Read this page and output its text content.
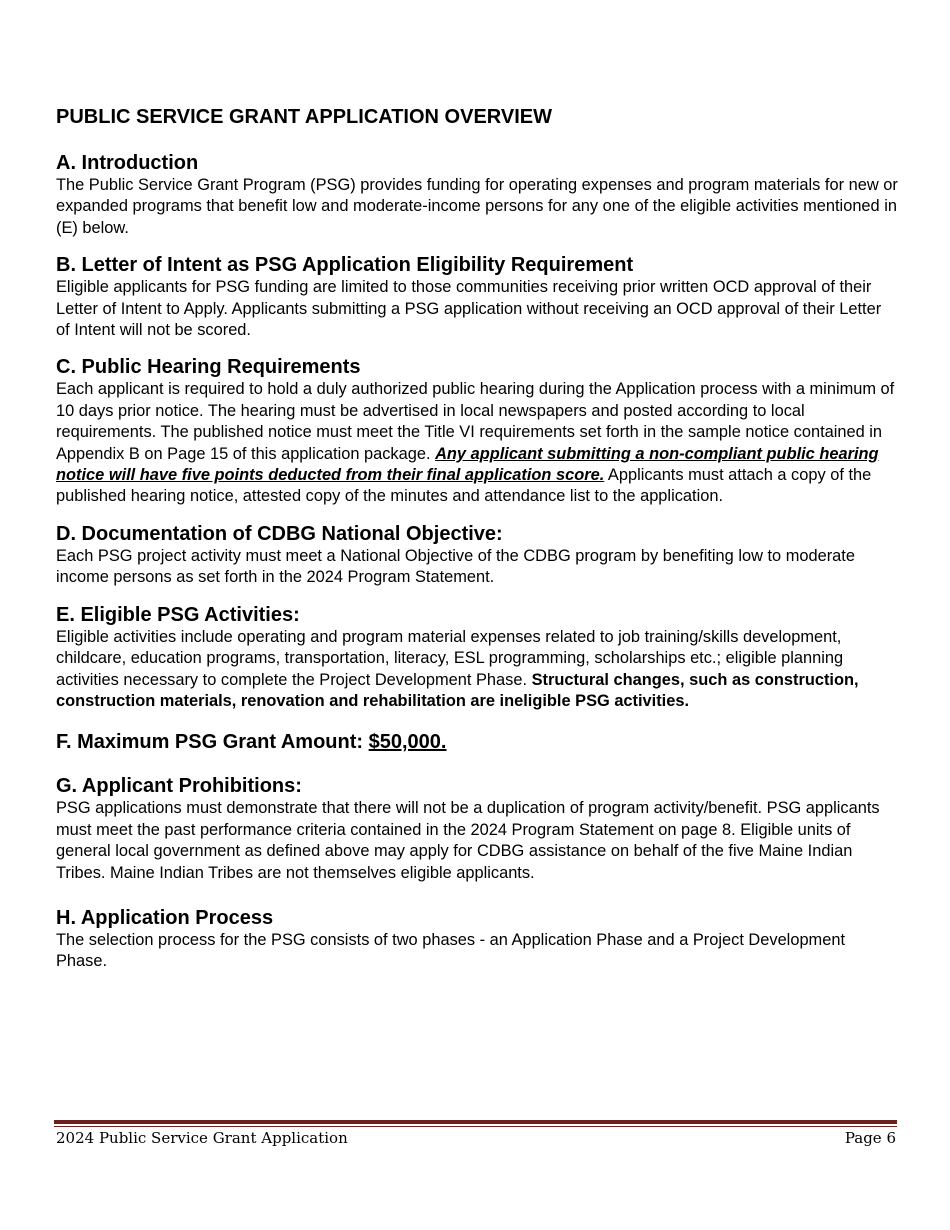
PUBLIC SERVICE GRANT APPLICATION OVERVIEW
A. Introduction

The Public Service Grant Program (PSG) provides funding for operating expenses and program materials for new or expanded programs that benefit low and moderate-income persons for any one of the eligible activities mentioned in (E) below.

B. Letter of Intent as PSG Application Eligibility Requirement

Eligible applicants for PSG funding are limited to those communities receiving prior written OCD approval of their Letter of Intent to Apply. Applicants submitting a PSG application without receiving an OCD approval of their Letter of Intent will not be scored.

C. Public Hearing Requirements

Each applicant is required to hold a duly authorized public hearing during the Application process with a minimum of 10 days prior notice. The hearing must be advertised in local newspapers and posted according to local requirements. The published notice must meet the Title VI requirements set forth in the sample notice contained in Appendix B on Page 15 of this application package. Any applicant submitting a non-compliant public hearing notice will have five points deducted from their final application score. Applicants must attach a copy of the published hearing notice, attested copy of the minutes and attendance list to the application.

D. Documentation of CDBG National Objective:

Each PSG project activity must meet a National Objective of the CDBG program by benefiting low to moderate income persons as set forth in the 2024 Program Statement.

E. Eligible PSG Activities:

Eligible activities include operating and program material expenses related to job training/skills development, childcare, education programs, transportation, literacy, ESL programming, scholarships etc.; eligible planning activities necessary to complete the Project Development Phase. Structural changes, such as construction, construction materials, renovation and rehabilitation are ineligible PSG activities.

F. Maximum PSG Grant Amount: $50,000.
G. Applicant Prohibitions:

PSG applications must demonstrate that there will not be a duplication of program activity/benefit. PSG applicants must meet the past performance criteria contained in the 2024 Program Statement on page 8. Eligible units of general local government as defined above may apply for CDBG assistance on behalf of the five Maine Indian Tribes. Maine Indian Tribes are not themselves eligible applicants.

H. Application Process

The selection process for the PSG consists of two phases - an Application Phase and a Project Development Phase.

2024 Public Service Grant Application	Page 6
